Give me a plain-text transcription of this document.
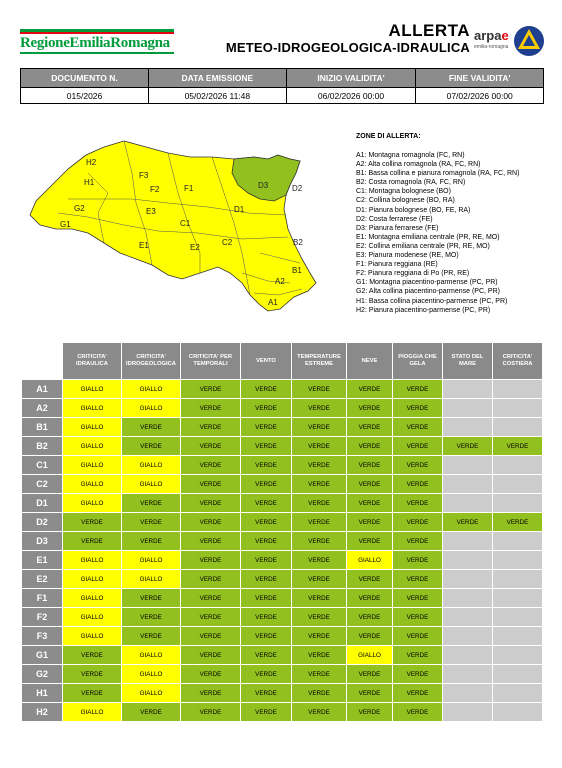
RegioneEmiliaRomagna
ALLERTA
METEO-IDROGEOLOGICA-IDRAULICA
arpae
emilia-romagna
DOCUMENTO N.	DATA EMISSIONE	INIZIO VALIDITA'	FINE VALIDITA'
015/2026	05/02/2026 11:48	06/02/2026 00:00	07/02/2026 00:00
H2
F3
H1
F2	F1	D3	D2
G2	E3	D1
G1	C1
C2	B2
E2
E1
B1
A2
A1
ZONE DI ALLERTA:
A1: Montagna romagnola (FC, RN)
A2: Alta collina romagnola (RA, FC, RN)
B1: Bassa collina e pianura romagnola (RA, FC, RN)
B2: Costa romagnola (RA, FC, RN)
C1: Montagna bolognese (BO)
C2: Collina bolognese (BO, RA)
D1: Pianura bolognese (BO, FE, RA)
D2: Costa ferrarese (FE)
D3: Pianura ferrarese (FE)
E1: Montagna emiliana centrale (PR, RE, MO)
E2: Collina emiliana centrale (PR, RE, MO)
E3: Pianura modenese (RE, MO)
F1: Pianura reggiana (RE)
F2: Pianura reggiana di Po (PR, RE)
G1: Montagna piacentino-parmense (PC, PR)
G2: Alta collina piacentino-parmense (PC, PR)
H1: Bassa collina piacentino-parmense (PC, PR)
H2: Pianura piacentino-parmense (PC, PR)
	CRITICITA' IDRAULICA	CRITICITA' IDROGEOLOGICA	CRITICITA' PER TEMPORALI	VENTO	TEMPERATURE ESTREME	NEVE	PIOGGIA CHE GELA	STATO DEL MARE	CRITICITA' COSTIERA
A1	GIALLO	GIALLO	VERDE	VERDE	VERDE	VERDE	VERDE		
A2	GIALLO	GIALLO	VERDE	VERDE	VERDE	VERDE	VERDE		
B1	GIALLO	VERDE	VERDE	VERDE	VERDE	VERDE	VERDE		
B2	GIALLO	VERDE	VERDE	VERDE	VERDE	VERDE	VERDE	VERDE	VERDE
C1	GIALLO	GIALLO	VERDE	VERDE	VERDE	VERDE	VERDE		
C2	GIALLO	GIALLO	VERDE	VERDE	VERDE	VERDE	VERDE		
D1	GIALLO	VERDE	VERDE	VERDE	VERDE	VERDE	VERDE		
D2	VERDE	VERDE	VERDE	VERDE	VERDE	VERDE	VERDE	VERDE	VERDE
D3	VERDE	VERDE	VERDE	VERDE	VERDE	VERDE	VERDE		
E1	GIALLO	GIALLO	VERDE	VERDE	VERDE	GIALLO	VERDE		
E2	GIALLO	GIALLO	VERDE	VERDE	VERDE	VERDE	VERDE		
F1	GIALLO	VERDE	VERDE	VERDE	VERDE	VERDE	VERDE		
F2	GIALLO	VERDE	VERDE	VERDE	VERDE	VERDE	VERDE		
F3	GIALLO	VERDE	VERDE	VERDE	VERDE	VERDE	VERDE		
G1	VERDE	GIALLO	VERDE	VERDE	VERDE	GIALLO	VERDE		
G2	VERDE	GIALLO	VERDE	VERDE	VERDE	VERDE	VERDE		
H1	VERDE	GIALLO	VERDE	VERDE	VERDE	VERDE	VERDE		
H2	GIALLO	VERDE	VERDE	VERDE	VERDE	VERDE	VERDE		
